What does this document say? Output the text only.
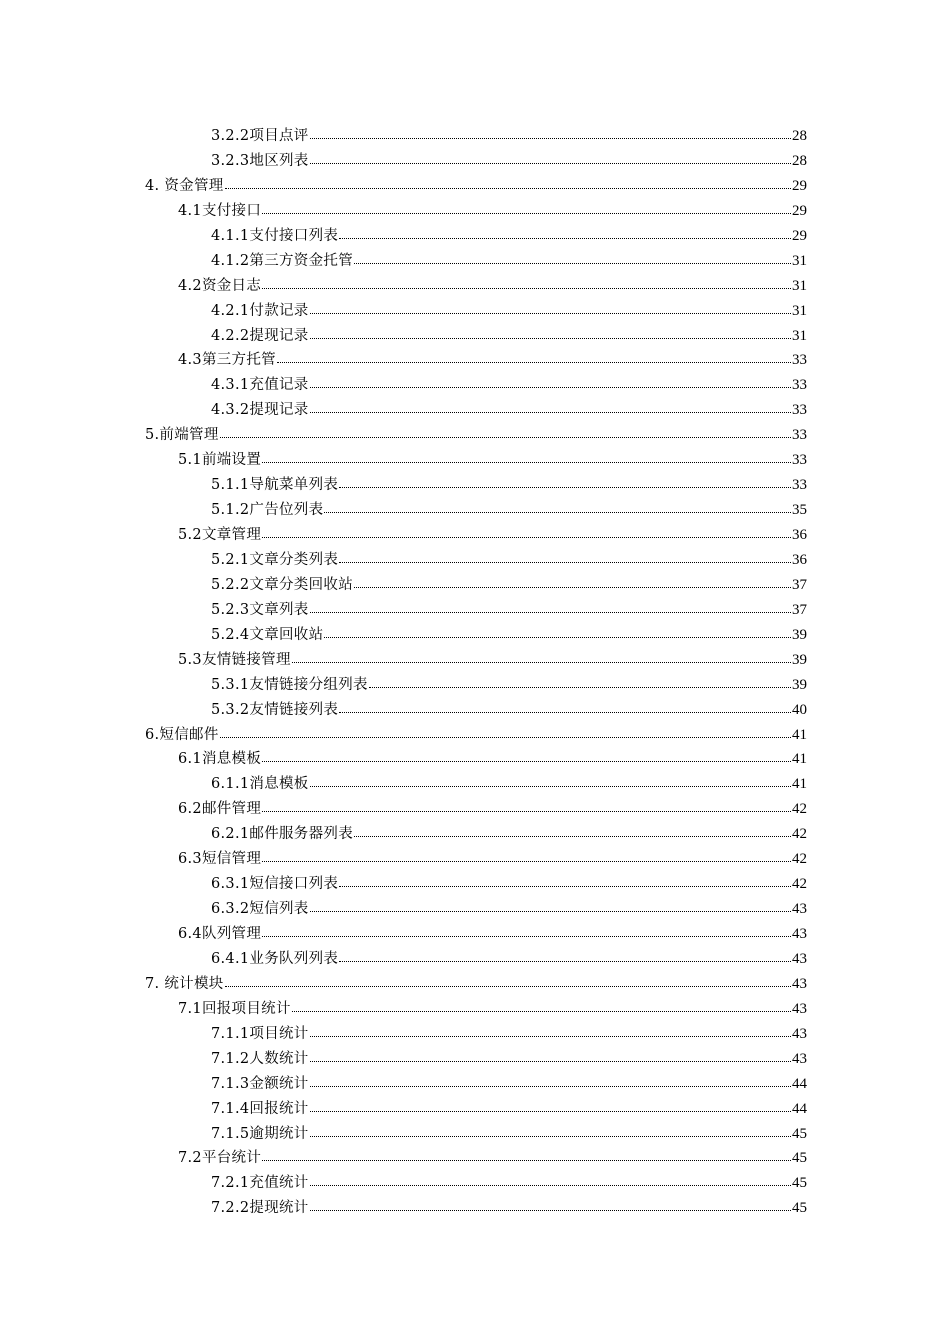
3.2.2项目点评	28
3.2.3地区列表	28
4. 资金管理	29
4.1支付接口	29
4.1.1支付接口列表	29
4.1.2第三方资金托管	31
4.2资金日志	31
4.2.1付款记录	31
4.2.2提现记录	31
4.3第三方托管	33
4.3.1充值记录	33
4.3.2提现记录	33
5.前端管理	33
5.1前端设置	33
5.1.1导航菜单列表	33
5.1.2广告位列表	35
5.2文章管理	36
5.2.1文章分类列表	36
5.2.2文章分类回收站	37
5.2.3文章列表	37
5.2.4文章回收站	39
5.3友情链接管理	39
5.3.1友情链接分组列表	39
5.3.2友情链接列表	40
6.短信邮件	41
6.1消息模板	41
6.1.1消息模板	41
6.2邮件管理	42
6.2.1邮件服务器列表	42
6.3短信管理	42
6.3.1短信接口列表	42
6.3.2短信列表	43
6.4队列管理	43
6.4.1业务队列列表	43
7. 统计模块	43
7.1回报项目统计	43
7.1.1项目统计	43
7.1.2人数统计	43
7.1.3金额统计	44
7.1.4回报统计	44
7.1.5逾期统计	45
7.2平台统计	45
7.2.1充值统计	45
7.2.2提现统计	45
